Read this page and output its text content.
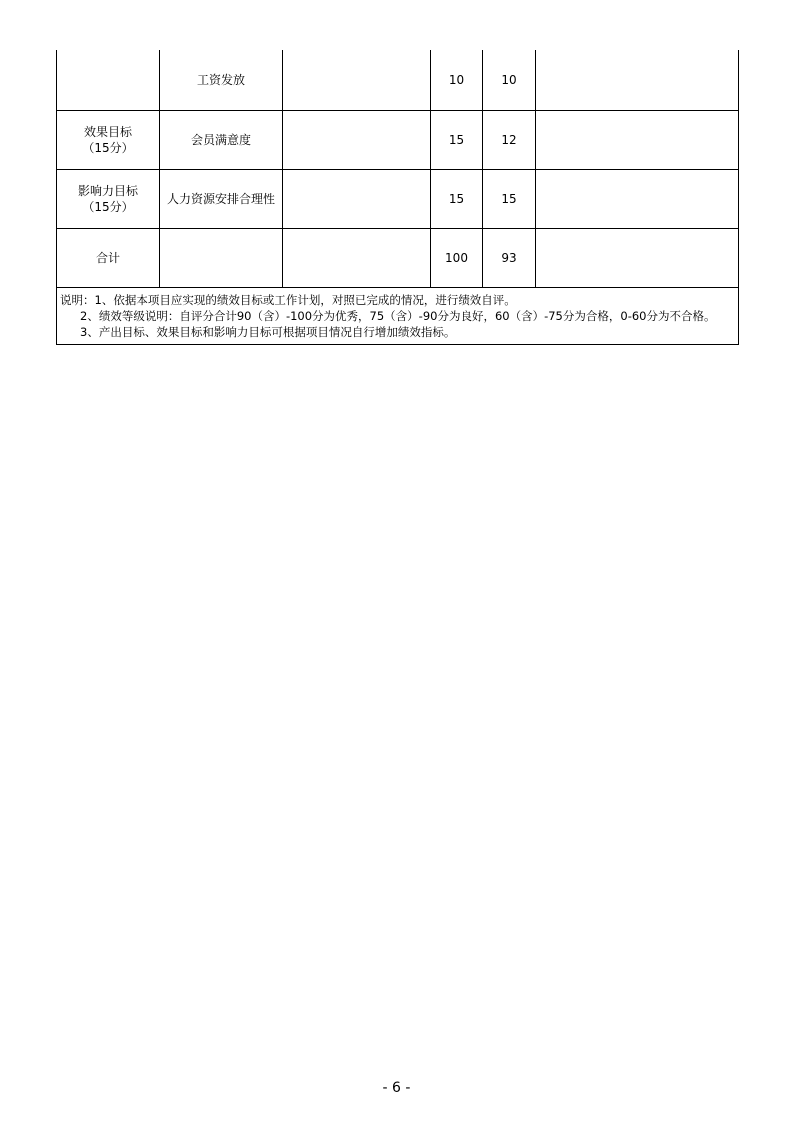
	工资发放		10	10	

效果目标
（15分）	会员满意度		15	12	

影响力目标
（15分）	人力资源安排合理性		15	15	

合计			100	93	

说明：1、依据本项目应实现的绩效目标或工作计划，对照已完成的情况，进行绩效自评。
2、绩效等级说明：自评分合计90（含）-100分为优秀，75（含）-90分为良好，60（含）-75分为合格，0-60分为不合格。
3、产出目标、效果目标和影响力目标可根据项目情况自行增加绩效指标。					
- 6 -
